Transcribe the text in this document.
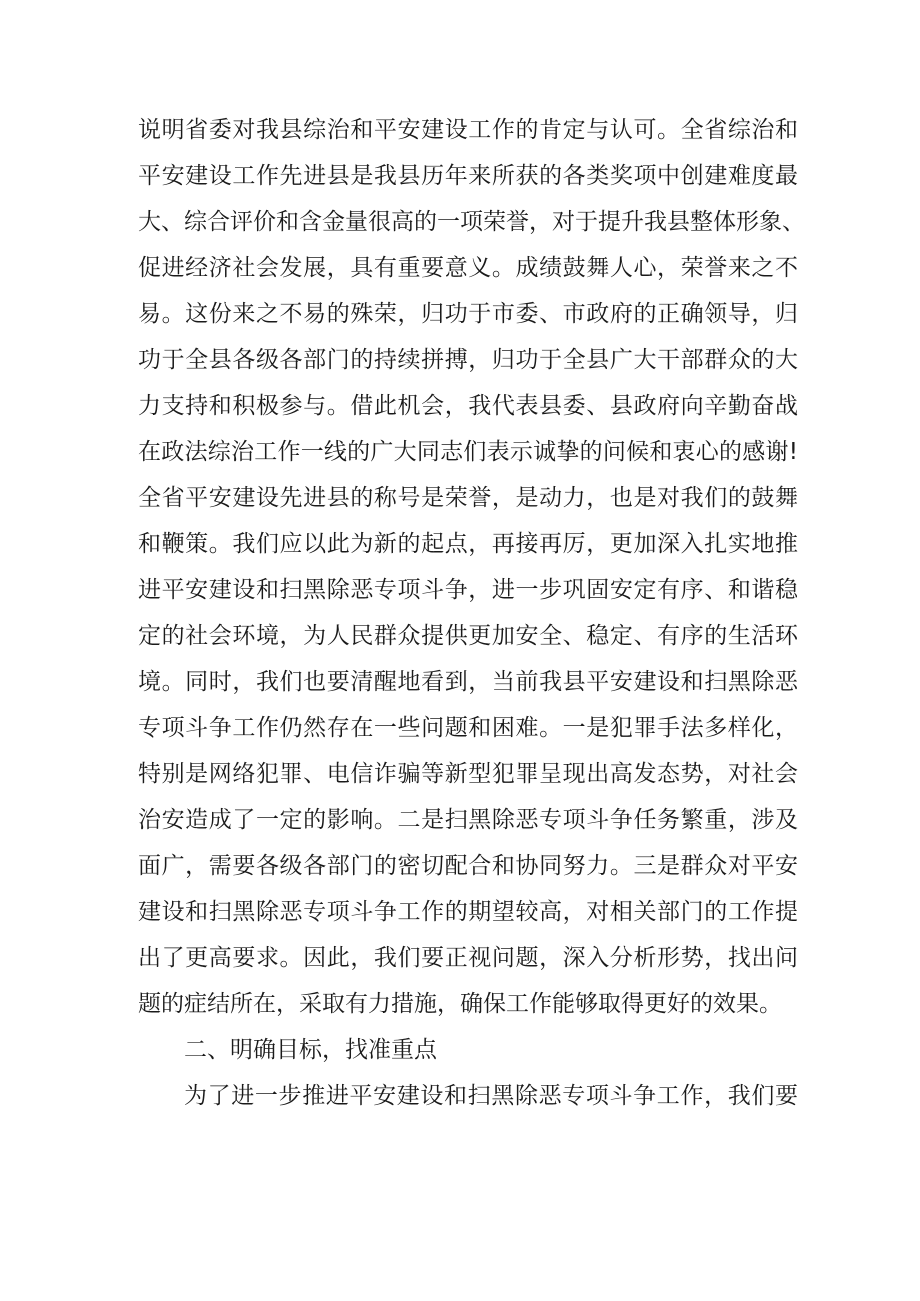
说明省委对我县综治和平安建设工作的肯定与认可。全省综治和
平安建设工作先进县是我县历年来所获的各类奖项中创建难度最
大、综合评价和含金量很高的一项荣誉，对于提升我县整体形象、
促进经济社会发展，具有重要意义。成绩鼓舞人心，荣誉来之不
易。这份来之不易的殊荣，归功于市委、市政府的正确领导，归
功于全县各级各部门的持续拼搏，归功于全县广大干部群众的大
力支持和积极参与。借此机会，我代表县委、县政府向辛勤奋战
在政法综治工作一线的广大同志们表示诚挚的问候和衷心的感谢!
全省平安建设先进县的称号是荣誉，是动力，也是对我们的鼓舞
和鞭策。我们应以此为新的起点，再接再厉，更加深入扎实地推
进平安建设和扫黑除恶专项斗争，进一步巩固安定有序、和谐稳
定的社会环境，为人民群众提供更加安全、稳定、有序的生活环
境。同时，我们也要清醒地看到，当前我县平安建设和扫黑除恶
专项斗争工作仍然存在一些问题和困难。一是犯罪手法多样化，
特别是网络犯罪、电信诈骗等新型犯罪呈现出高发态势，对社会
治安造成了一定的影响。二是扫黑除恶专项斗争任务繁重，涉及
面广，需要各级各部门的密切配合和协同努力。三是群众对平安
建设和扫黑除恶专项斗争工作的期望较高，对相关部门的工作提
出了更高要求。因此，我们要正视问题，深入分析形势，找出问
题的症结所在，采取有力措施，确保工作能够取得更好的效果。
二、明确目标，找准重点
为了进一步推进平安建设和扫黑除恶专项斗争工作，我们要
